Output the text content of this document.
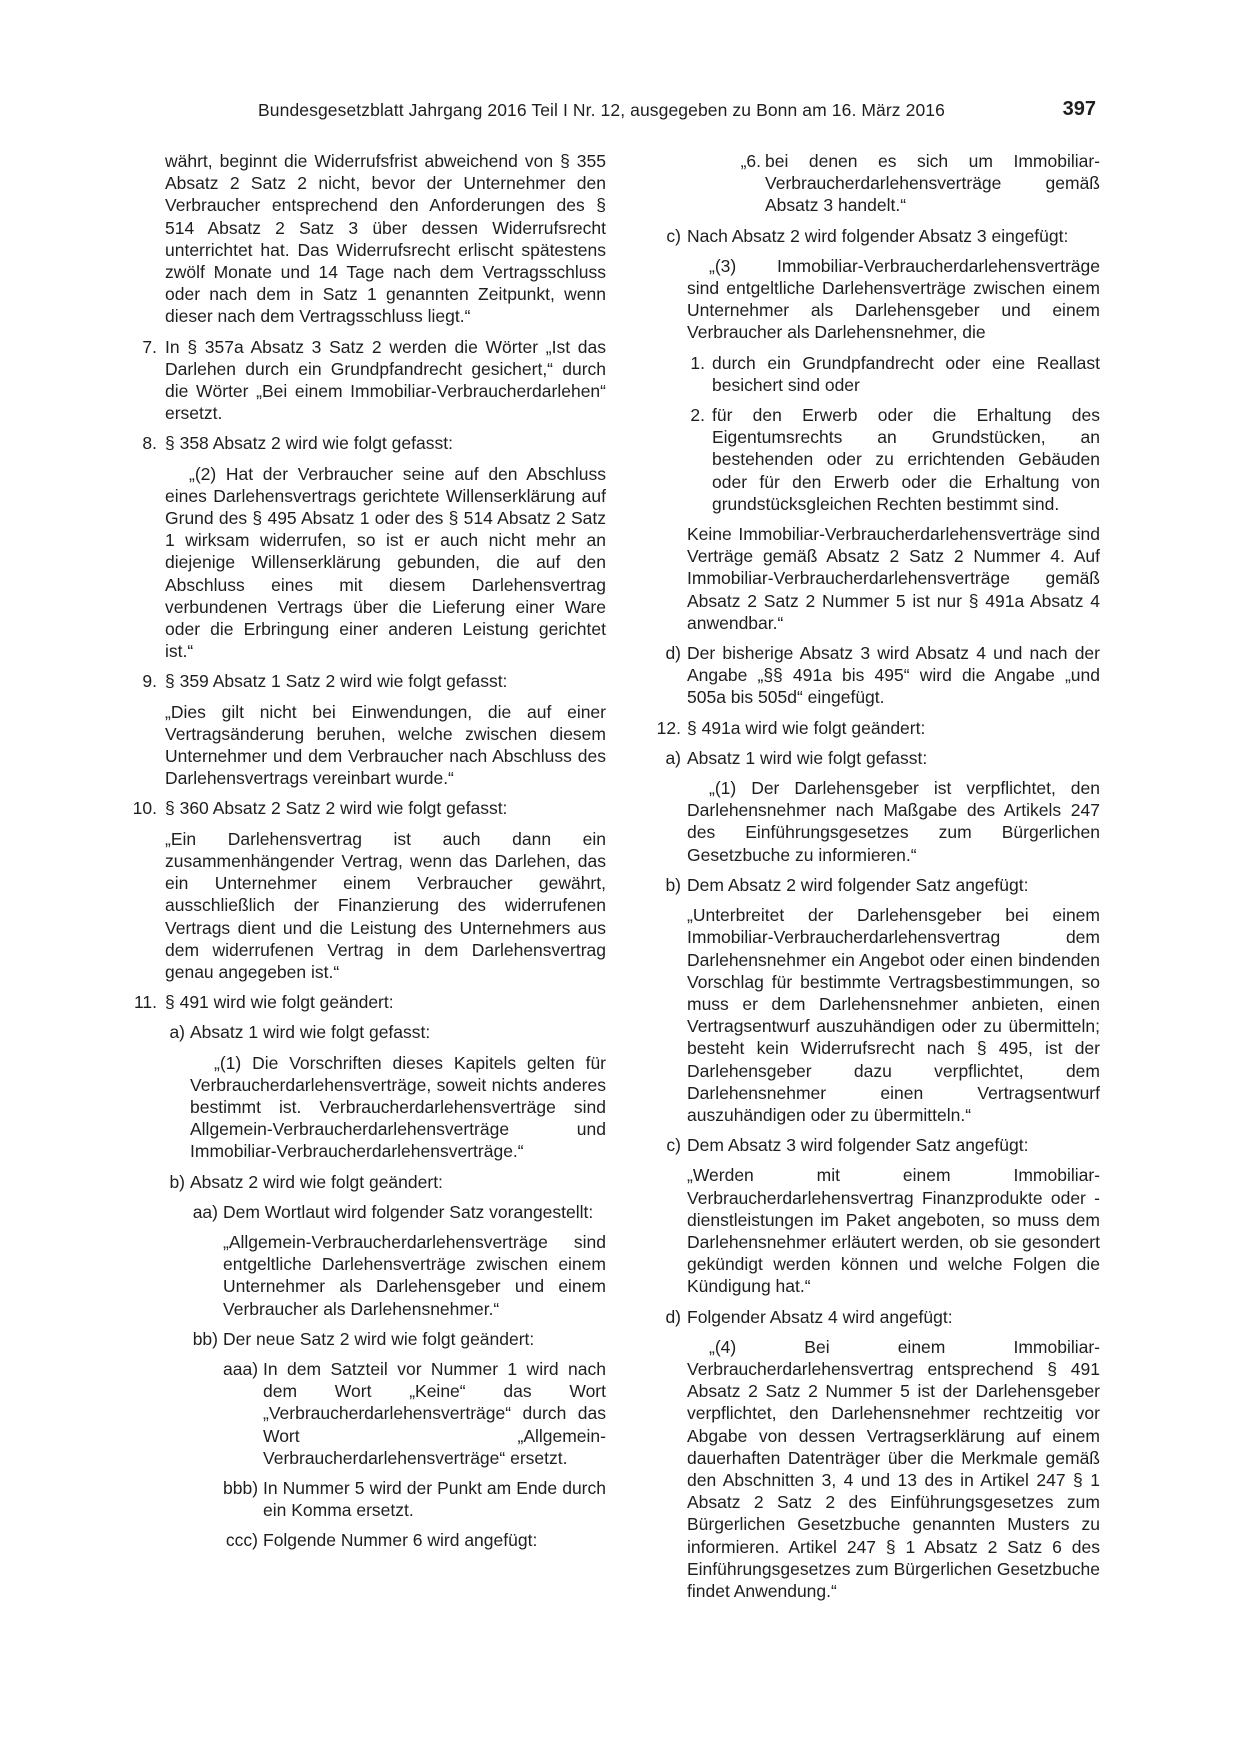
Bundesgesetzblatt Jahrgang 2016 Teil I Nr. 12, ausgegeben zu Bonn am 16. März 2016	397

währt, beginnt die Widerrufsfrist abweichend von § 355 Absatz 2 Satz 2 nicht, bevor der Unternehmer den Verbraucher entsprechend den Anforderungen des § 514 Absatz 2 Satz 3 über dessen Widerrufsrecht unterrichtet hat. Das Widerrufsrecht erlischt spätestens zwölf Monate und 14 Tage nach dem Vertragsschluss oder nach dem in Satz 1 genannten Zeitpunkt, wenn dieser nach dem Vertragsschluss liegt.“

7. In § 357a Absatz 3 Satz 2 werden die Wörter „Ist das Darlehen durch ein Grundpfandrecht gesichert,“ durch die Wörter „Bei einem Immobiliar-Verbraucherdarlehen“ ersetzt.

8. § 358 Absatz 2 wird wie folgt gefasst:

„(2) Hat der Verbraucher seine auf den Abschluss eines Darlehensvertrags gerichtete Willenserklärung auf Grund des § 495 Absatz 1 oder des § 514 Absatz 2 Satz 1 wirksam widerrufen, so ist er auch nicht mehr an diejenige Willenserklärung gebunden, die auf den Abschluss eines mit diesem Darlehensvertrag verbundenen Vertrags über die Lieferung einer Ware oder die Erbringung einer anderen Leistung gerichtet ist.“

9. § 359 Absatz 1 Satz 2 wird wie folgt gefasst:

„Dies gilt nicht bei Einwendungen, die auf einer Vertragsänderung beruhen, welche zwischen diesem Unternehmer und dem Verbraucher nach Abschluss des Darlehensvertrags vereinbart wurde.“

10. § 360 Absatz 2 Satz 2 wird wie folgt gefasst:

„Ein Darlehensvertrag ist auch dann ein zusammenhängender Vertrag, wenn das Darlehen, das ein Unternehmer einem Verbraucher gewährt, ausschließlich der Finanzierung des widerrufenen Vertrags dient und die Leistung des Unternehmers aus dem widerrufenen Vertrag in dem Darlehensvertrag genau angegeben ist.“

11. § 491 wird wie folgt geändert:

a) Absatz 1 wird wie folgt gefasst:

„(1) Die Vorschriften dieses Kapitels gelten für Verbraucherdarlehensverträge, soweit nichts anderes bestimmt ist. Verbraucherdarlehensverträge sind Allgemein-Verbraucherdarlehensverträge und Immobiliar-Verbraucherdarlehensverträge.“

b) Absatz 2 wird wie folgt geändert:

aa) Dem Wortlaut wird folgender Satz vorangestellt:

„Allgemein-Verbraucherdarlehensverträge sind entgeltliche Darlehensverträge zwischen einem Unternehmer als Darlehensgeber und einem Verbraucher als Darlehensnehmer.“

bb) Der neue Satz 2 wird wie folgt geändert:

aaa) In dem Satzteil vor Nummer 1 wird nach dem Wort „Keine“ das Wort „Verbraucherdarlehensverträge“ durch das Wort „Allgemein-Verbraucherdarlehensverträge“ ersetzt.

bbb) In Nummer 5 wird der Punkt am Ende durch ein Komma ersetzt.

ccc) Folgende Nummer 6 wird angefügt:

„6. bei denen es sich um Immobiliar-Verbraucherdarlehensverträge gemäß Absatz 3 handelt.“

c) Nach Absatz 2 wird folgender Absatz 3 eingefügt:

„(3) Immobiliar-Verbraucherdarlehensverträge sind entgeltliche Darlehensverträge zwischen einem Unternehmer als Darlehensgeber und einem Verbraucher als Darlehensnehmer, die

1. durch ein Grundpfandrecht oder eine Reallast besichert sind oder

2. für den Erwerb oder die Erhaltung des Eigentumsrechts an Grundstücken, an bestehenden oder zu errichtenden Gebäuden oder für den Erwerb oder die Erhaltung von grundstücksgleichen Rechten bestimmt sind.

Keine Immobiliar-Verbraucherdarlehensverträge sind Verträge gemäß Absatz 2 Satz 2 Nummer 4. Auf Immobiliar-Verbraucherdarlehensverträge gemäß Absatz 2 Satz 2 Nummer 5 ist nur § 491a Absatz 4 anwendbar.“

d) Der bisherige Absatz 3 wird Absatz 4 und nach der Angabe „§§ 491a bis 495“ wird die Angabe „und 505a bis 505d“ eingefügt.

12. § 491a wird wie folgt geändert:

a) Absatz 1 wird wie folgt gefasst:

„(1) Der Darlehensgeber ist verpflichtet, den Darlehensnehmer nach Maßgabe des Artikels 247 des Einführungsgesetzes zum Bürgerlichen Gesetzbuche zu informieren.“

b) Dem Absatz 2 wird folgender Satz angefügt:

„Unterbreitet der Darlehensgeber bei einem Immobiliar-Verbraucherdarlehensvertrag dem Darlehensnehmer ein Angebot oder einen bindenden Vorschlag für bestimmte Vertragsbestimmungen, so muss er dem Darlehensnehmer anbieten, einen Vertragsentwurf auszuhändigen oder zu übermitteln; besteht kein Widerrufsrecht nach § 495, ist der Darlehensgeber dazu verpflichtet, dem Darlehensnehmer einen Vertragsentwurf auszuhändigen oder zu übermitteln.“

c) Dem Absatz 3 wird folgender Satz angefügt:

„Werden mit einem Immobiliar-Verbraucherdarlehensvertrag Finanzprodukte oder -dienstleistungen im Paket angeboten, so muss dem Darlehensnehmer erläutert werden, ob sie gesondert gekündigt werden können und welche Folgen die Kündigung hat.“

d) Folgender Absatz 4 wird angefügt:

„(4) Bei einem Immobiliar-Verbraucherdarlehensvertrag entsprechend § 491 Absatz 2 Satz 2 Nummer 5 ist der Darlehensgeber verpflichtet, den Darlehensnehmer rechtzeitig vor Abgabe von dessen Vertragserklärung auf einem dauerhaften Datenträger über die Merkmale gemäß den Abschnitten 3, 4 und 13 des in Artikel 247 § 1 Absatz 2 Satz 2 des Einführungsgesetzes zum Bürgerlichen Gesetzbuche genannten Musters zu informieren. Artikel 247 § 1 Absatz 2 Satz 6 des Einführungsgesetzes zum Bürgerlichen Gesetzbuche findet Anwendung.“
